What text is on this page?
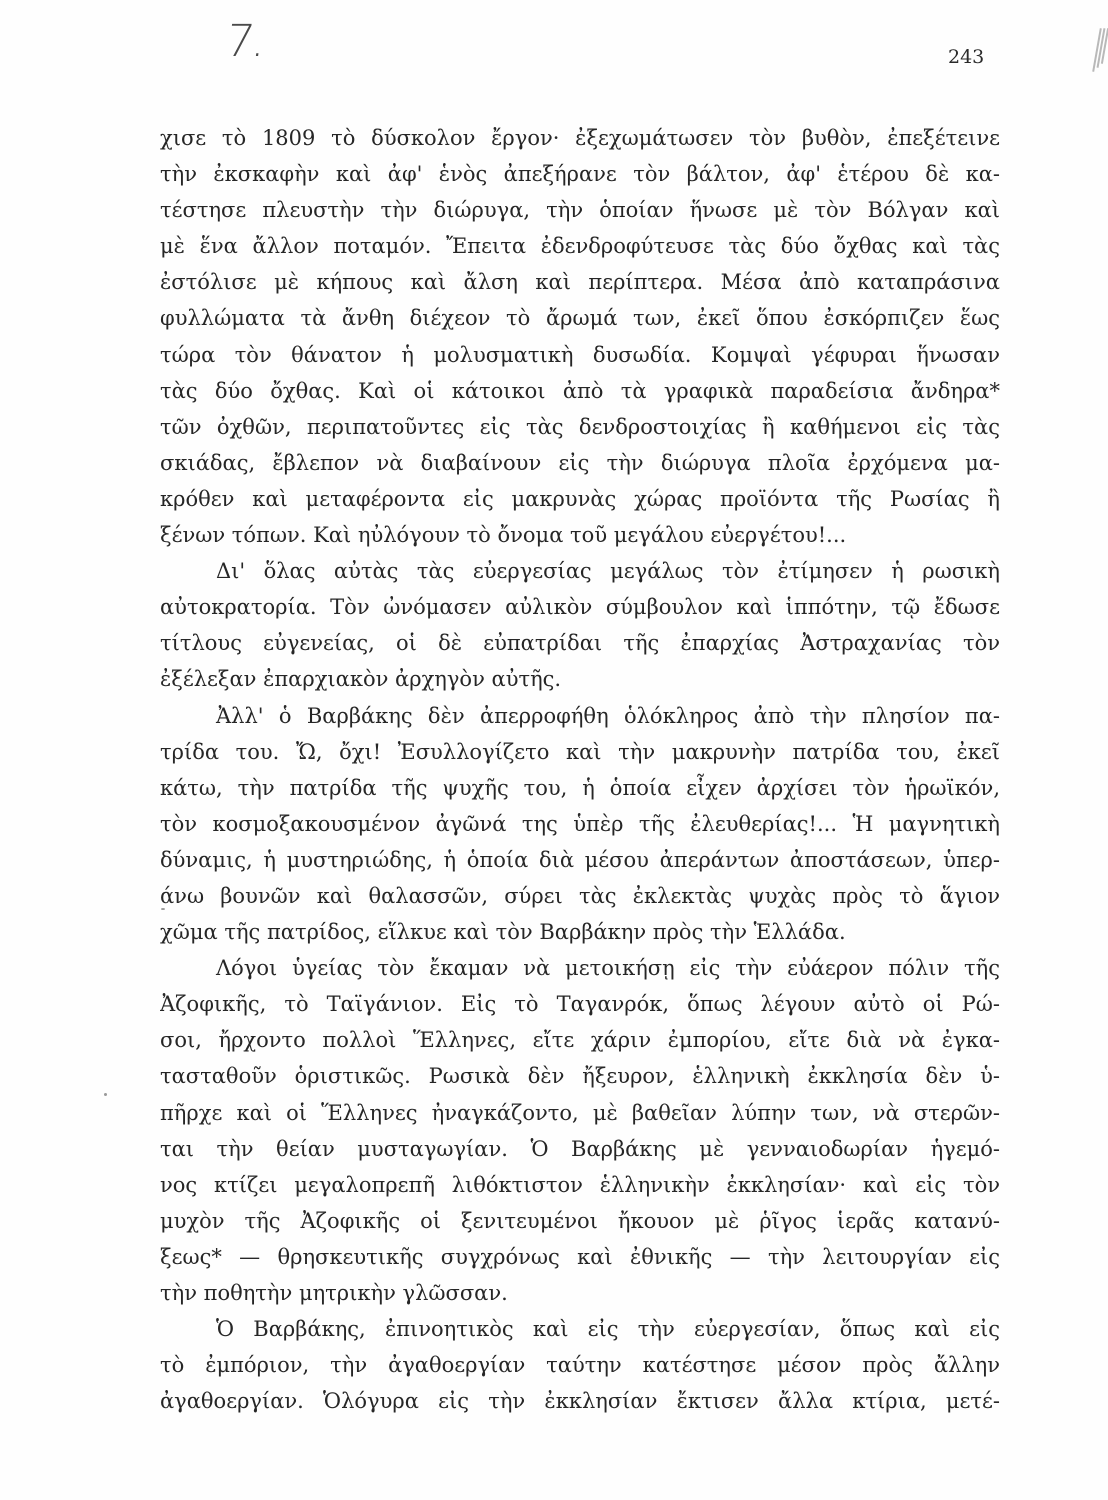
7.	243
χισε τὸ 1809 τὸ δύσκολον ἔργον· ἐξεχωμάτωσεν τὸν βυθὸν, ἐπεξέτεινε
τὴν ἐκσκαφὴν καὶ ἀφ' ἑνὸς ἀπεξήρανε τὸν βάλτον, ἀφ' ἑτέρου δὲ κα-
τέστησε πλευστὴν τὴν διώρυγα, τὴν ὁποίαν ἥνωσε μὲ τὸν Βόλγαν καὶ
μὲ ἕνα ἄλλον ποταμόν. Ἔπειτα ἐδενδροφύτευσε τὰς δύο ὄχθας καὶ τὰς
ἐστόλισε μὲ κήπους καὶ ἄλση καὶ περίπτερα. Μέσα ἀπὸ καταπράσινα
φυλλώματα τὰ ἄνθη διέχεον τὸ ἄρωμά των, ἐκεῖ ὅπου ἐσκόρπιζεν ἕως
τώρα τὸν θάνατον ἡ μολυσματικὴ δυσωδία. Κομψαὶ γέφυραι ἥνωσαν
τὰς δύο ὄχθας. Καὶ οἱ κάτοικοι ἀπὸ τὰ γραφικὰ παραδείσια ἄνδηρα*
τῶν ὀχθῶν, περιπατοῦντες εἰς τὰς δενδροστοιχίας ἢ καθήμενοι εἰς τὰς
σκιάδας, ἔβλεπον νὰ διαβαίνουν εἰς τὴν διώρυγα πλοῖα ἐρχόμενα μα-
κρόθεν καὶ μεταφέροντα εἰς μακρυνὰς χώρας προϊόντα τῆς Ρωσίας ἢ
ξένων τόπων. Καὶ ηὐλόγουν τὸ ὄνομα τοῦ μεγάλου εὐεργέτου!...
Δι' ὅλας αὐτὰς τὰς εὐεργεσίας μεγάλως τὸν ἐτίμησεν ἡ ρωσικὴ
αὐτοκρατορία. Τὸν ὠνόμασεν αὐλικὸν σύμβουλον καὶ ἱππότην, τῷ ἔδωσε
τίτλους εὐγενείας, οἱ δὲ εὐπατρίδαι τῆς ἐπαρχίας Ἀστραχανίας τὸν
ἐξέλεξαν ἐπαρχιακὸν ἀρχηγὸν αὐτῆς.
Ἀλλ' ὁ Βαρβάκης δὲν ἀπερροφήθη ὁλόκληρος ἀπὸ τὴν πλησίον πα-
τρίδα του. Ὤ, ὄχι! Ἐσυλλογίζετο καὶ τὴν μακρυνὴν πατρίδα του, ἐκεῖ
κάτω, τὴν πατρίδα τῆς ψυχῆς του, ἡ ὁποία εἶχεν ἀρχίσει τὸν ἡρωϊκόν,
τὸν κοσμοξακουσμένον ἀγῶνά της ὑπὲρ τῆς ἐλευθερίας!... Ἡ μαγνητικὴ
δύναμις, ἡ μυστηριώδης, ἡ ὁποία διὰ μέσου ἀπεράντων ἀποστάσεων, ὑπερ-
άνω βουνῶν καὶ θαλασσῶν, σύρει τὰς ἐκλεκτὰς ψυχὰς πρὸς τὸ ἅγιον
χῶμα τῆς πατρίδος, εἵλκυε καὶ τὸν Βαρβάκην πρὸς τὴν Ἑλλάδα.
Λόγοι ὑγείας τὸν ἔκαμαν νὰ μετοικήσῃ εἰς τὴν εὐάερον πόλιν τῆς
Ἀζοφικῆς, τὸ Ταϊγάνιον. Εἰς τὸ Ταγανρόκ, ὅπως λέγουν αὐτὸ οἱ Ρώ-
σοι, ἤρχοντο πολλοὶ Ἕλληνες, εἴτε χάριν ἐμπορίου, εἴτε διὰ νὰ ἐγκα-
τασταθοῦν ὁριστικῶς. Ρωσικὰ δὲν ἤξευρον, ἑλληνικὴ ἐκκλησία δὲν ὑ-
πῆρχε καὶ οἱ Ἕλληνες ἠναγκάζοντο, μὲ βαθεῖαν λύπην των, νὰ στερῶν-
ται τὴν θείαν μυσταγωγίαν. Ὁ Βαρβάκης μὲ γενναιοδωρίαν ἡγεμό-
νος κτίζει μεγαλοπρεπῆ λιθόκτιστον ἑλληνικὴν ἐκκλησίαν· καὶ εἰς τὸν
μυχὸν τῆς Ἀζοφικῆς οἱ ξενιτευμένοι ἤκουον μὲ ῥῖγος ἱερᾶς κατανύ-
ξεως* — θρησκευτικῆς συγχρόνως καὶ ἐθνικῆς — τὴν λειτουργίαν εἰς
τὴν ποθητὴν μητρικὴν γλῶσσαν.
Ὁ Βαρβάκης, ἐπινοητικὸς καὶ εἰς τὴν εὐεργεσίαν, ὅπως καὶ εἰς
τὸ ἐμπόριον, τὴν ἀγαθοεργίαν ταύτην κατέστησε μέσον πρὸς ἄλλην
ἀγαθοεργίαν. Ὁλόγυρα εἰς τὴν ἐκκλησίαν ἔκτισεν ἄλλα κτίρια, μετέ-
